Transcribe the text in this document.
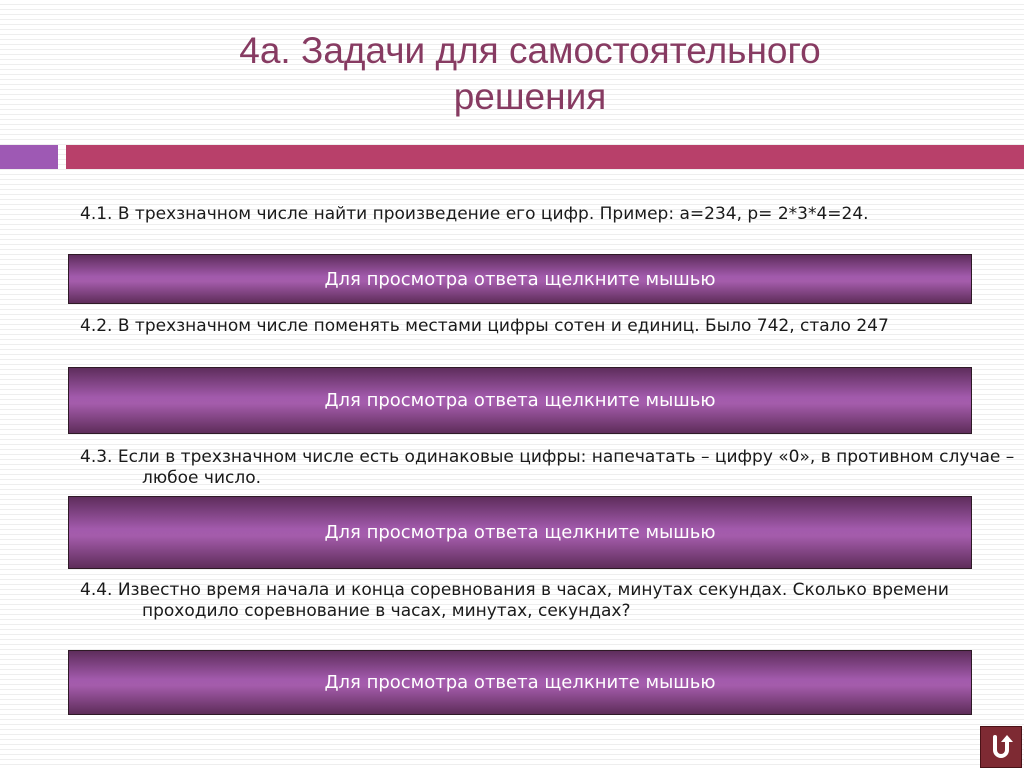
4а. Задачи для самостоятельного
решения

4.1. В трехзначном числе найти произведение его цифр. Пример: a=234, p= 2*3*4=24.

Для просмотра ответа щелкните мышью

4.2. В трехзначном числе поменять местами цифры сотен и единиц. Было 742, стало 247

Для просмотра ответа щелкните мышью

4.3. Если в трехзначном числе есть одинаковые цифры: напечатать – цифру «0», в противном случае – любое число.

Для просмотра ответа щелкните мышью

4.4. Известно время начала и конца соревнования в часах, минутах секундах. Сколько времени проходило соревнование в часах, минутах, секундах?

Для просмотра ответа щелкните мышью
